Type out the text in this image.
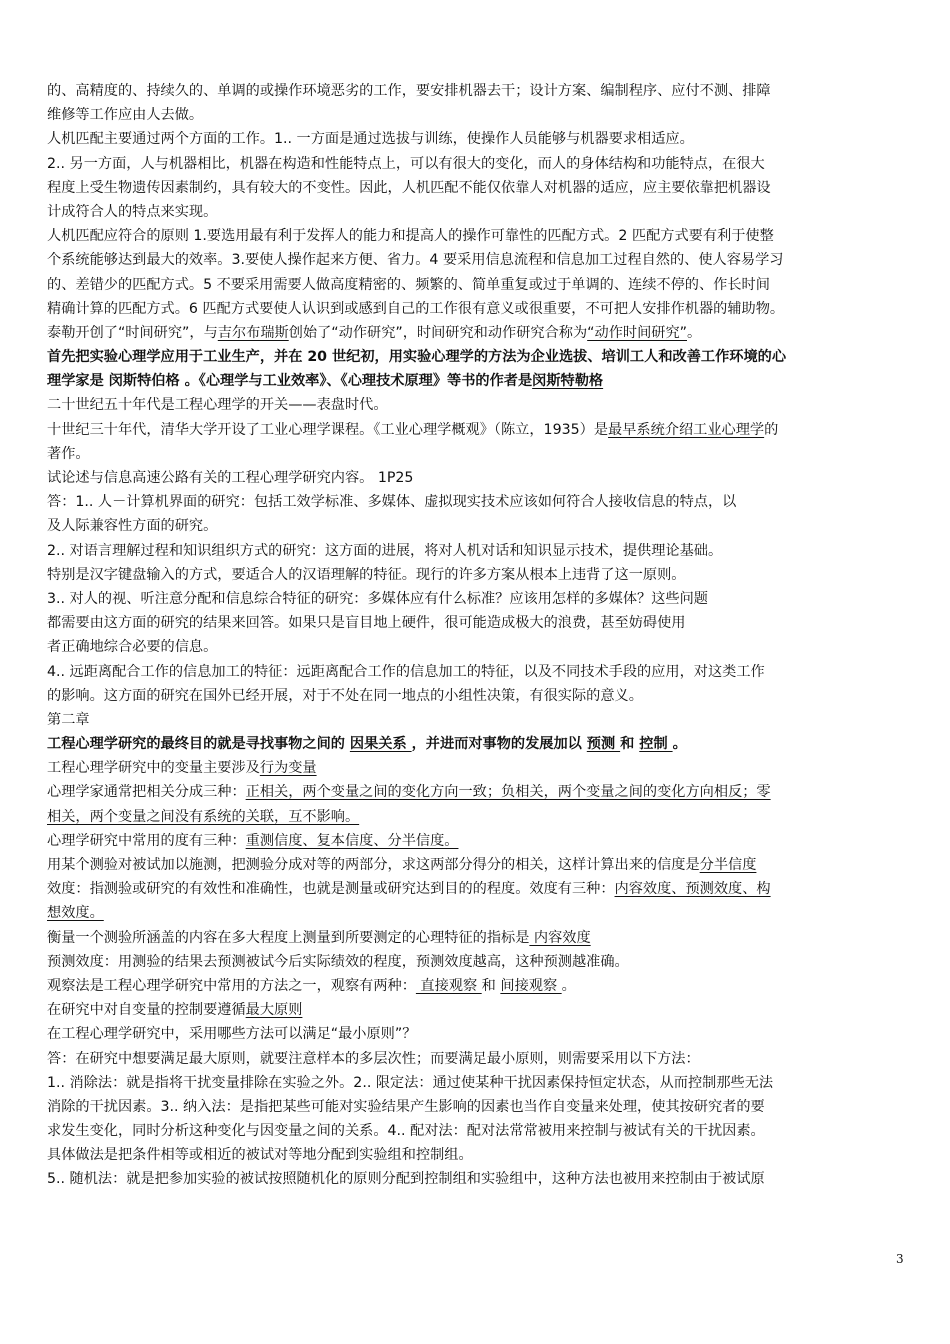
的、高精度的、持续久的、单调的或操作环境恶劣的工作，要安排机器去干；设计方案、编制程序、应付不测、排障
维修等工作应由人去做。
人机匹配主要通过两个方面的工作。1.. 一方面是通过选拔与训练，使操作人员能够与机器要求相适应。
2.. 另一方面，人与机器相比，机器在构造和性能特点上，可以有很大的变化，而人的身体结构和功能特点，在很大
程度上受生物遗传因素制约，具有较大的不变性。因此，人机匹配不能仅依靠人对机器的适应，应主要依靠把机器设
计成符合人的特点来实现。
人机匹配应符合的原则 1.要选用最有利于发挥人的能力和提高人的操作可靠性的匹配方式。2 匹配方式要有利于使整
个系统能够达到最大的效率。3.要使人操作起来方便、省力。4 要采用信息流程和信息加工过程自然的、使人容易学习
的、差错少的匹配方式。5 不要采用需要人做高度精密的、频繁的、简单重复或过于单调的、连续不停的、作长时间
精确计算的匹配方式。6 匹配方式要使人认识到或感到自己的工作很有意义或很重要，不可把人安排作机器的辅助物。
泰勒开创了“时间研究”，与吉尔布瑞斯创始了“动作研究”，时间研究和动作研究合称为“动作时间研究”。
首先把实验心理学应用于工业生产，并在 20 世纪初，用实验心理学的方法为企业选拔、培训工人和改善工作环境的心
理学家是 闵斯特伯格 。《心理学与工业效率》、《心理技术原理》等书的作者是闵斯特勒格
二十世纪五十年代是工程心理学的开关——表盘时代。
十世纪三十年代，清华大学开设了工业心理学课程。《工业心理学概观》（陈立，1935）是最早系统介绍工业心理学的
著作。
试论述与信息高速公路有关的工程心理学研究内容。 1P25
答：1.. 人－计算机界面的研究：包括工效学标准、多媒体、虚拟现实技术应该如何符合人接收信息的特点，以
及人际兼容性方面的研究。
2.. 对语言理解过程和知识组织方式的研究：这方面的进展，将对人机对话和知识显示技术，提供理论基础。
特别是汉字键盘输入的方式，要适合人的汉语理解的特征。现行的许多方案从根本上违背了这一原则。
3.. 对人的视、听注意分配和信息综合特征的研究：多媒体应有什么标准？应该用怎样的多媒体？这些问题
都需要由这方面的研究的结果来回答。如果只是盲目地上硬件，很可能造成极大的浪费，甚至妨碍使用
者正确地综合必要的信息。
4.. 远距离配合工作的信息加工的特征：远距离配合工作的信息加工的特征，以及不同技术手段的应用，对这类工作
的影响。这方面的研究在国外已经开展，对于不处在同一地点的小组性决策，有很实际的意义。
第二章
工程心理学研究的最终目的就是寻找事物之间的 因果关系 ，并进而对事物的发展加以 预测 和 控制 。
工程心理学研究中的变量主要涉及行为变量
心理学家通常把相关分成三种：正相关，两个变量之间的变化方向一致；负相关，两个变量之间的变化方向相反；零
相关，两个变量之间没有系统的关联，互不影响。
心理学研究中常用的度有三种：重测信度、复本信度、分半信度。
用某个测验对被试加以施测，把测验分成对等的两部分，求这两部分得分的相关，这样计算出来的信度是分半信度
效度：指测验或研究的有效性和准确性，也就是测量或研究达到目的的程度。效度有三种：内容效度、预测效度、构
想效度。
衡量一个测验所涵盖的内容在多大程度上测量到所要测定的心理特征的指标是 内容效度
预测效度：用测验的结果去预测被试今后实际绩效的程度，预测效度越高，这种预测越准确。
观察法是工程心理学研究中常用的方法之一，观察有两种： 直接观察 和 间接观察 。
在研究中对自变量的控制要遵循最大原则
在工程心理学研究中，采用哪些方法可以满足“最小原则”？
答：在研究中想要满足最大原则，就要注意样本的多层次性；而要满足最小原则，则需要采用以下方法：
1.. 消除法：就是指将干扰变量排除在实验之外。2.. 限定法：通过使某种干扰因素保持恒定状态，从而控制那些无法
消除的干扰因素。3.. 纳入法：是指把某些可能对实验结果产生影响的因素也当作自变量来处理，使其按研究者的要
求发生变化，同时分析这种变化与因变量之间的关系。4.. 配对法：配对法常常被用来控制与被试有关的干扰因素。
具体做法是把条件相等或相近的被试对等地分配到实验组和控制组。
5.. 随机法：就是把参加实验的被试按照随机化的原则分配到控制组和实验组中，这种方法也被用来控制由于被试原
3
